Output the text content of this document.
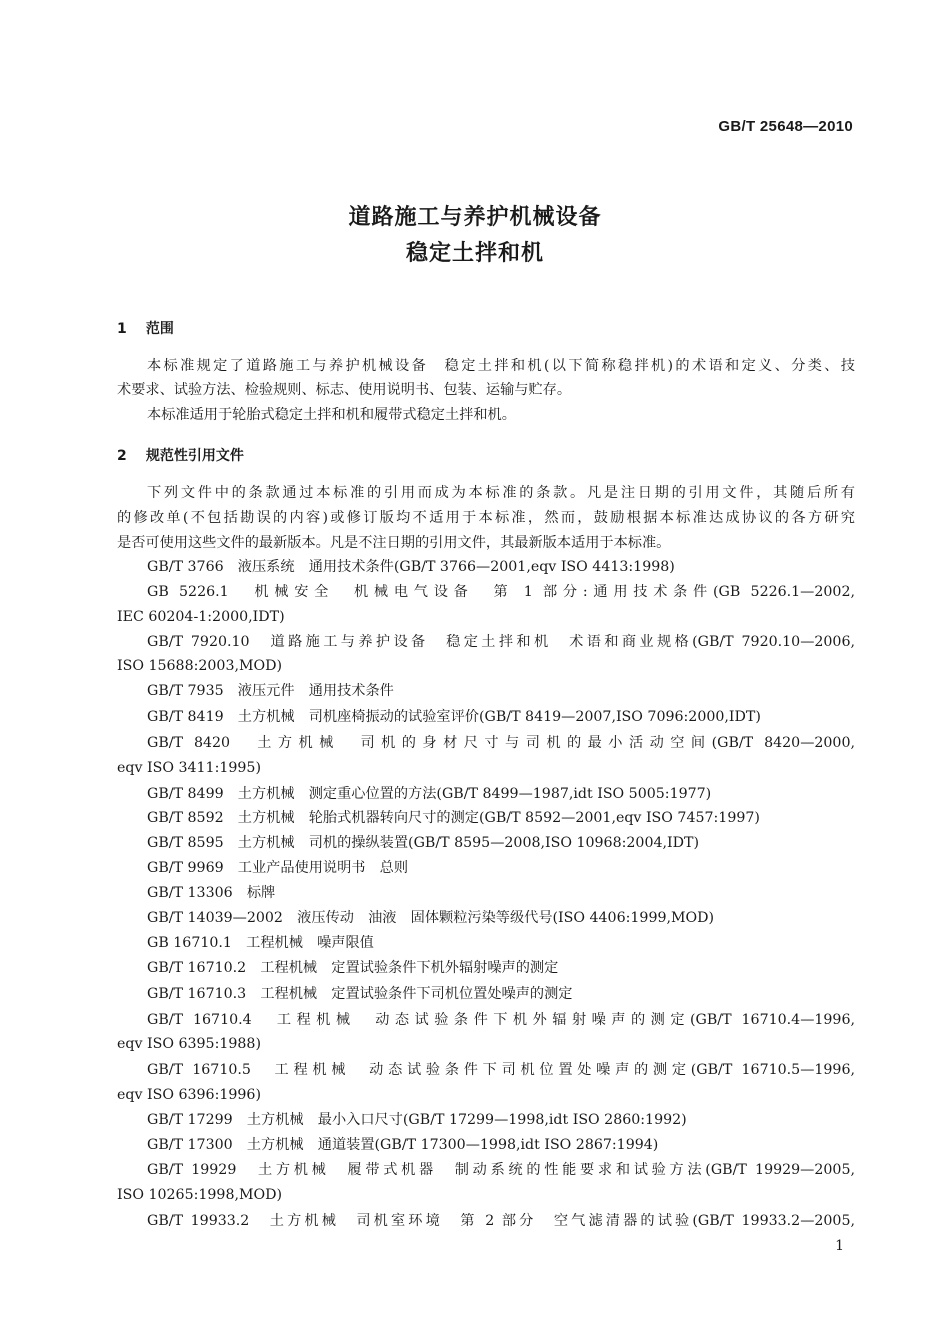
GB/T 25648—2010
道路施工与养护机械设备
稳定土拌和机
1 范围
本标准规定了道路施工与养护机械设备　稳定土拌和机(以下简称稳拌机)的术语和定义、分类、技
术要求、试验方法、检验规则、标志、使用说明书、包装、运输与贮存。
本标准适用于轮胎式稳定土拌和机和履带式稳定土拌和机。
2 规范性引用文件
下列文件中的条款通过本标准的引用而成为本标准的条款。凡是注日期的引用文件，其随后所有
的修改单(不包括勘误的内容)或修订版均不适用于本标准，然而，鼓励根据本标准达成协议的各方研究
是否可使用这些文件的最新版本。凡是不注日期的引用文件，其最新版本适用于本标准。
GB/T 3766　液压系统　通用技术条件(GB/T 3766—2001,eqv ISO 4413:1998)
GB 5226.1　机械安全　机械电气设备　第 1 部分:通用技术条件(GB 5226.1—2002,
IEC 60204-1:2000,IDT)
GB/T 7920.10　道路施工与养护设备　稳定土拌和机　术语和商业规格(GB/T 7920.10—2006,
ISO 15688:2003,MOD)
GB/T 7935　液压元件　通用技术条件
GB/T 8419　土方机械　司机座椅振动的试验室评价(GB/T 8419—2007,ISO 7096:2000,IDT)
GB/T 8420　土方机械　司机的身材尺寸与司机的最小活动空间(GB/T 8420—2000,
eqv ISO 3411:1995)
GB/T 8499　土方机械　测定重心位置的方法(GB/T 8499—1987,idt ISO 5005:1977)
GB/T 8592　土方机械　轮胎式机器转向尺寸的测定(GB/T 8592—2001,eqv ISO 7457:1997)
GB/T 8595　土方机械　司机的操纵装置(GB/T 8595—2008,ISO 10968:2004,IDT)
GB/T 9969　工业产品使用说明书　总则
GB/T 13306　标牌
GB/T 14039—2002　液压传动　油液　固体颗粒污染等级代号(ISO 4406:1999,MOD)
GB 16710.1　工程机械　噪声限值
GB/T 16710.2　工程机械　定置试验条件下机外辐射噪声的测定
GB/T 16710.3　工程机械　定置试验条件下司机位置处噪声的测定
GB/T 16710.4　工程机械　动态试验条件下机外辐射噪声的测定(GB/T 16710.4—1996,
eqv ISO 6395:1988)
GB/T 16710.5　工程机械　动态试验条件下司机位置处噪声的测定(GB/T 16710.5—1996,
eqv ISO 6396:1996)
GB/T 17299　土方机械　最小入口尺寸(GB/T 17299—1998,idt ISO 2860:1992)
GB/T 17300　土方机械　通道装置(GB/T 17300—1998,idt ISO 2867:1994)
GB/T 19929　土方机械　履带式机器　制动系统的性能要求和试验方法(GB/T 19929—2005,
ISO 10265:1998,MOD)
GB/T 19933.2　土方机械　司机室环境　第 2 部分　空气滤清器的试验(GB/T 19933.2—2005,
1
